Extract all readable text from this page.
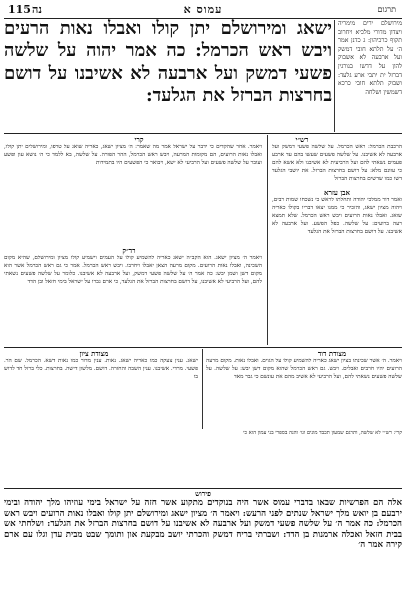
115 נה	עמוס א	תרגום
מירושלם ירים מימריה ויצדון מדורי מלכיא ויחרוב תקוף כרכיהון: ג כדנן אמר ה׳ על תלתא חובי דמשק ועל ארבעה לא אשבוק להון על דדשו בנורגין דברזל ית יתבי ארע גלעד: ושבוק תלתא חובי כרכא דשמשין ושלחה
ישאג ומירושלם יתן קולו ואבלו נאות הרעים ויבש ראש הכרמל: כה אמר יהוה על שלשה פשעי דמשק ועל ארבעה לא אשיבנו על דושם בחרצות הברזל את הגלעד:
רש״י
קרי
הרכבת הכרמל: ראש הכרמל. על שלשה פשעי דמשק ועל ארבעה לא אשיבנו. על שלשה פשעים שעשו בהם עד ארבע פעמים נשאתי להם ועל הרביעית לא אשיבנו ולא אשא להם כי עוונם מלא: על דושם בחרצות הברזל. את יושבי הגלעד דשו כמו שדשים בחרצות הברזל
אבן עזרא
ואמר דור ממלכי יהודה ותחלתו לראש כי נשכחו שמות רבים, ויהוה מציון ישאג, והזכיר כי ממנו יצאו דבריו בקולו כאריה שואג. ואבלו נאות הרועים ויבש ראש הכרמל. שלא תמצא רעה ברועים: על שלשה. כפל הפשע. ועל ארבעה לא אשיבנו. על דושם בחרצות הברזל את הגלעד
ויאמר. אחר שהקדים כי ידבר על ישראל אמר מה שאמר: ה׳ מציון ישאג, כאריה שואג על טרפו, ומירושלים יתן קולו, ואבלו נאות הרועים, הם מקומות המרעה, ויבש ראש הכרמל, ההר הפורה. על שלשה, בא ללמד כי ה׳ נושא עון ופשע ועובר על שלשה פשעים ועל הרביעי לא ישא, ויבואר כי הפשעים היו בתמידות
רד״ק
ויאמר ה׳ מציון ישאג. הוא הקב״ה ישאג כאריה להשמיע קולו על העמים וישמיע קולו מציון ומירושלם, שהיא מקום השכינה, ואבלו נאות הרועים. מקום מרעה הצאן יאבלו ויחרבו. ויבש ראש הכרמל. אמר כי גם ראש הכרמל אשר הוא מקום דשן ושמן יבש: כה אמר ה׳ על שלשה פשעי דמשק, ועל ארבעה לא אשיבנו. כלומר על שלשה פשעים נשאתי להם, ועל הרביעי לא אשיבנו, על דושם בחרצות הברזל את הגלעד, כי ארם גברו על ישראל בימי חזאל ובן הדד
מצודת דוד
מצודת ציון
ויאמר. ה׳ אשר שכינתו בציון ישאג כאריה להשמיע קולו על הגוים. ואבלו נאות. מקום מרעה הרועים יהיו חרבים ואבלים. ויבש. גם ראש הכרמל שהוא מקום דשן יבש: על שלשה. על שלשה פשעים נשאתי להם, ועל הרביעי לא אשיב מהם את עונשם כי גבר מאד
ישאג. ענין צעקה כמו כאריה ישאג. נאות. ענין מדור כמו נאות דשא. הכרמל. שם הר. פשעי. מרדי. אשיבנו. ענין השבה והחזרה. דושם. מלשון דישה. בחרצות. כלי ברזל חד לדוש בו
קרי: רש״י לא שלשה, ותרגם שמעון תכבד מונים וגו׳ והנה בספרי בני עמון הוא כי
פירוש
אלה הם הפרשיות שבאו בדברי עמוס אשר היה בנוקדים מתקוע אשר חזה על ישראל בימי עוזיהו מלך יהודה ובימי ירבעם בן יואש מלך ישראל שנתים לפני הרעש: ויאמר ה׳ מציון ישאג ומירושלם יתן קולו ואבלו נאות הרועים ויבש ראש הכרמל: כה אמר ה׳ על שלשה פשעי דמשק ועל ארבעה לא אשיבנו על דושם בחרצות הברזל את הגלעד: ושלחתי אש בבית חזאל ואכלה ארמנות בן הדד: ושברתי בריח דמשק והכרתי יושב מבקעת און ותומך שבט מבית עדן וגלו עם ארם קירה אמר ה׳
